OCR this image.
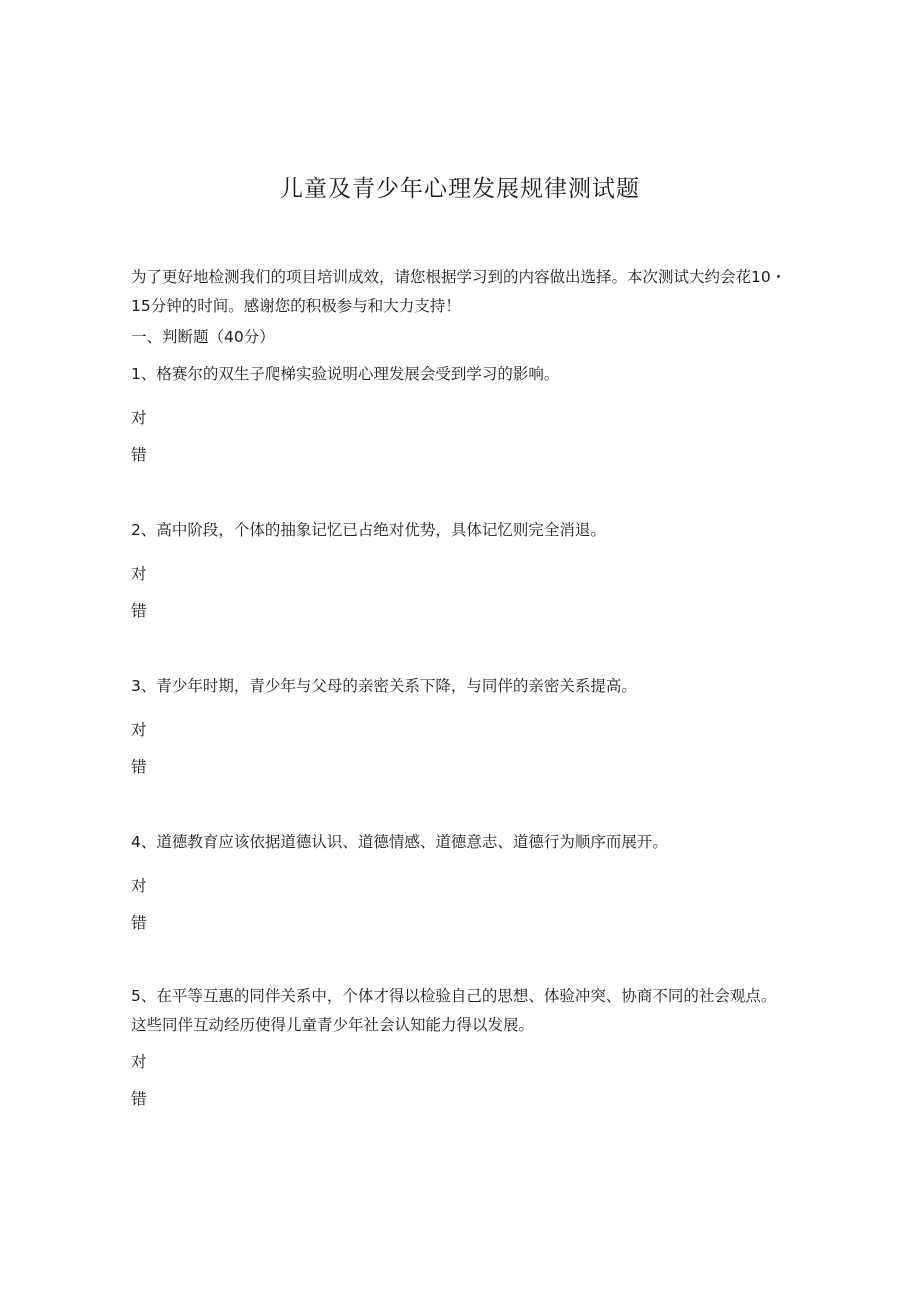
儿童及青少年心理发展规律测试题
为了更好地检测我们的项目培训成效，请您根据学习到的内容做出选择。本次测试大约会花10・15分钟的时间。感谢您的积极参与和大力支持！
一、判断题（40分）
1、格赛尔的双生子爬梯实验说明心理发展会受到学习的影响。
对
错
2、高中阶段，个体的抽象记忆已占绝对优势，具体记忆则完全消退。
对
错
3、青少年时期，青少年与父母的亲密关系下降，与同伴的亲密关系提高。
对
错
4、道德教育应该依据道德认识、道德情感、道德意志、道德行为顺序而展开。
对
错
5、在平等互惠的同伴关系中，个体才得以检验自己的思想、体验冲突、协商不同的社会观点。这些同伴互动经历使得儿童青少年社会认知能力得以发展。
对
错
